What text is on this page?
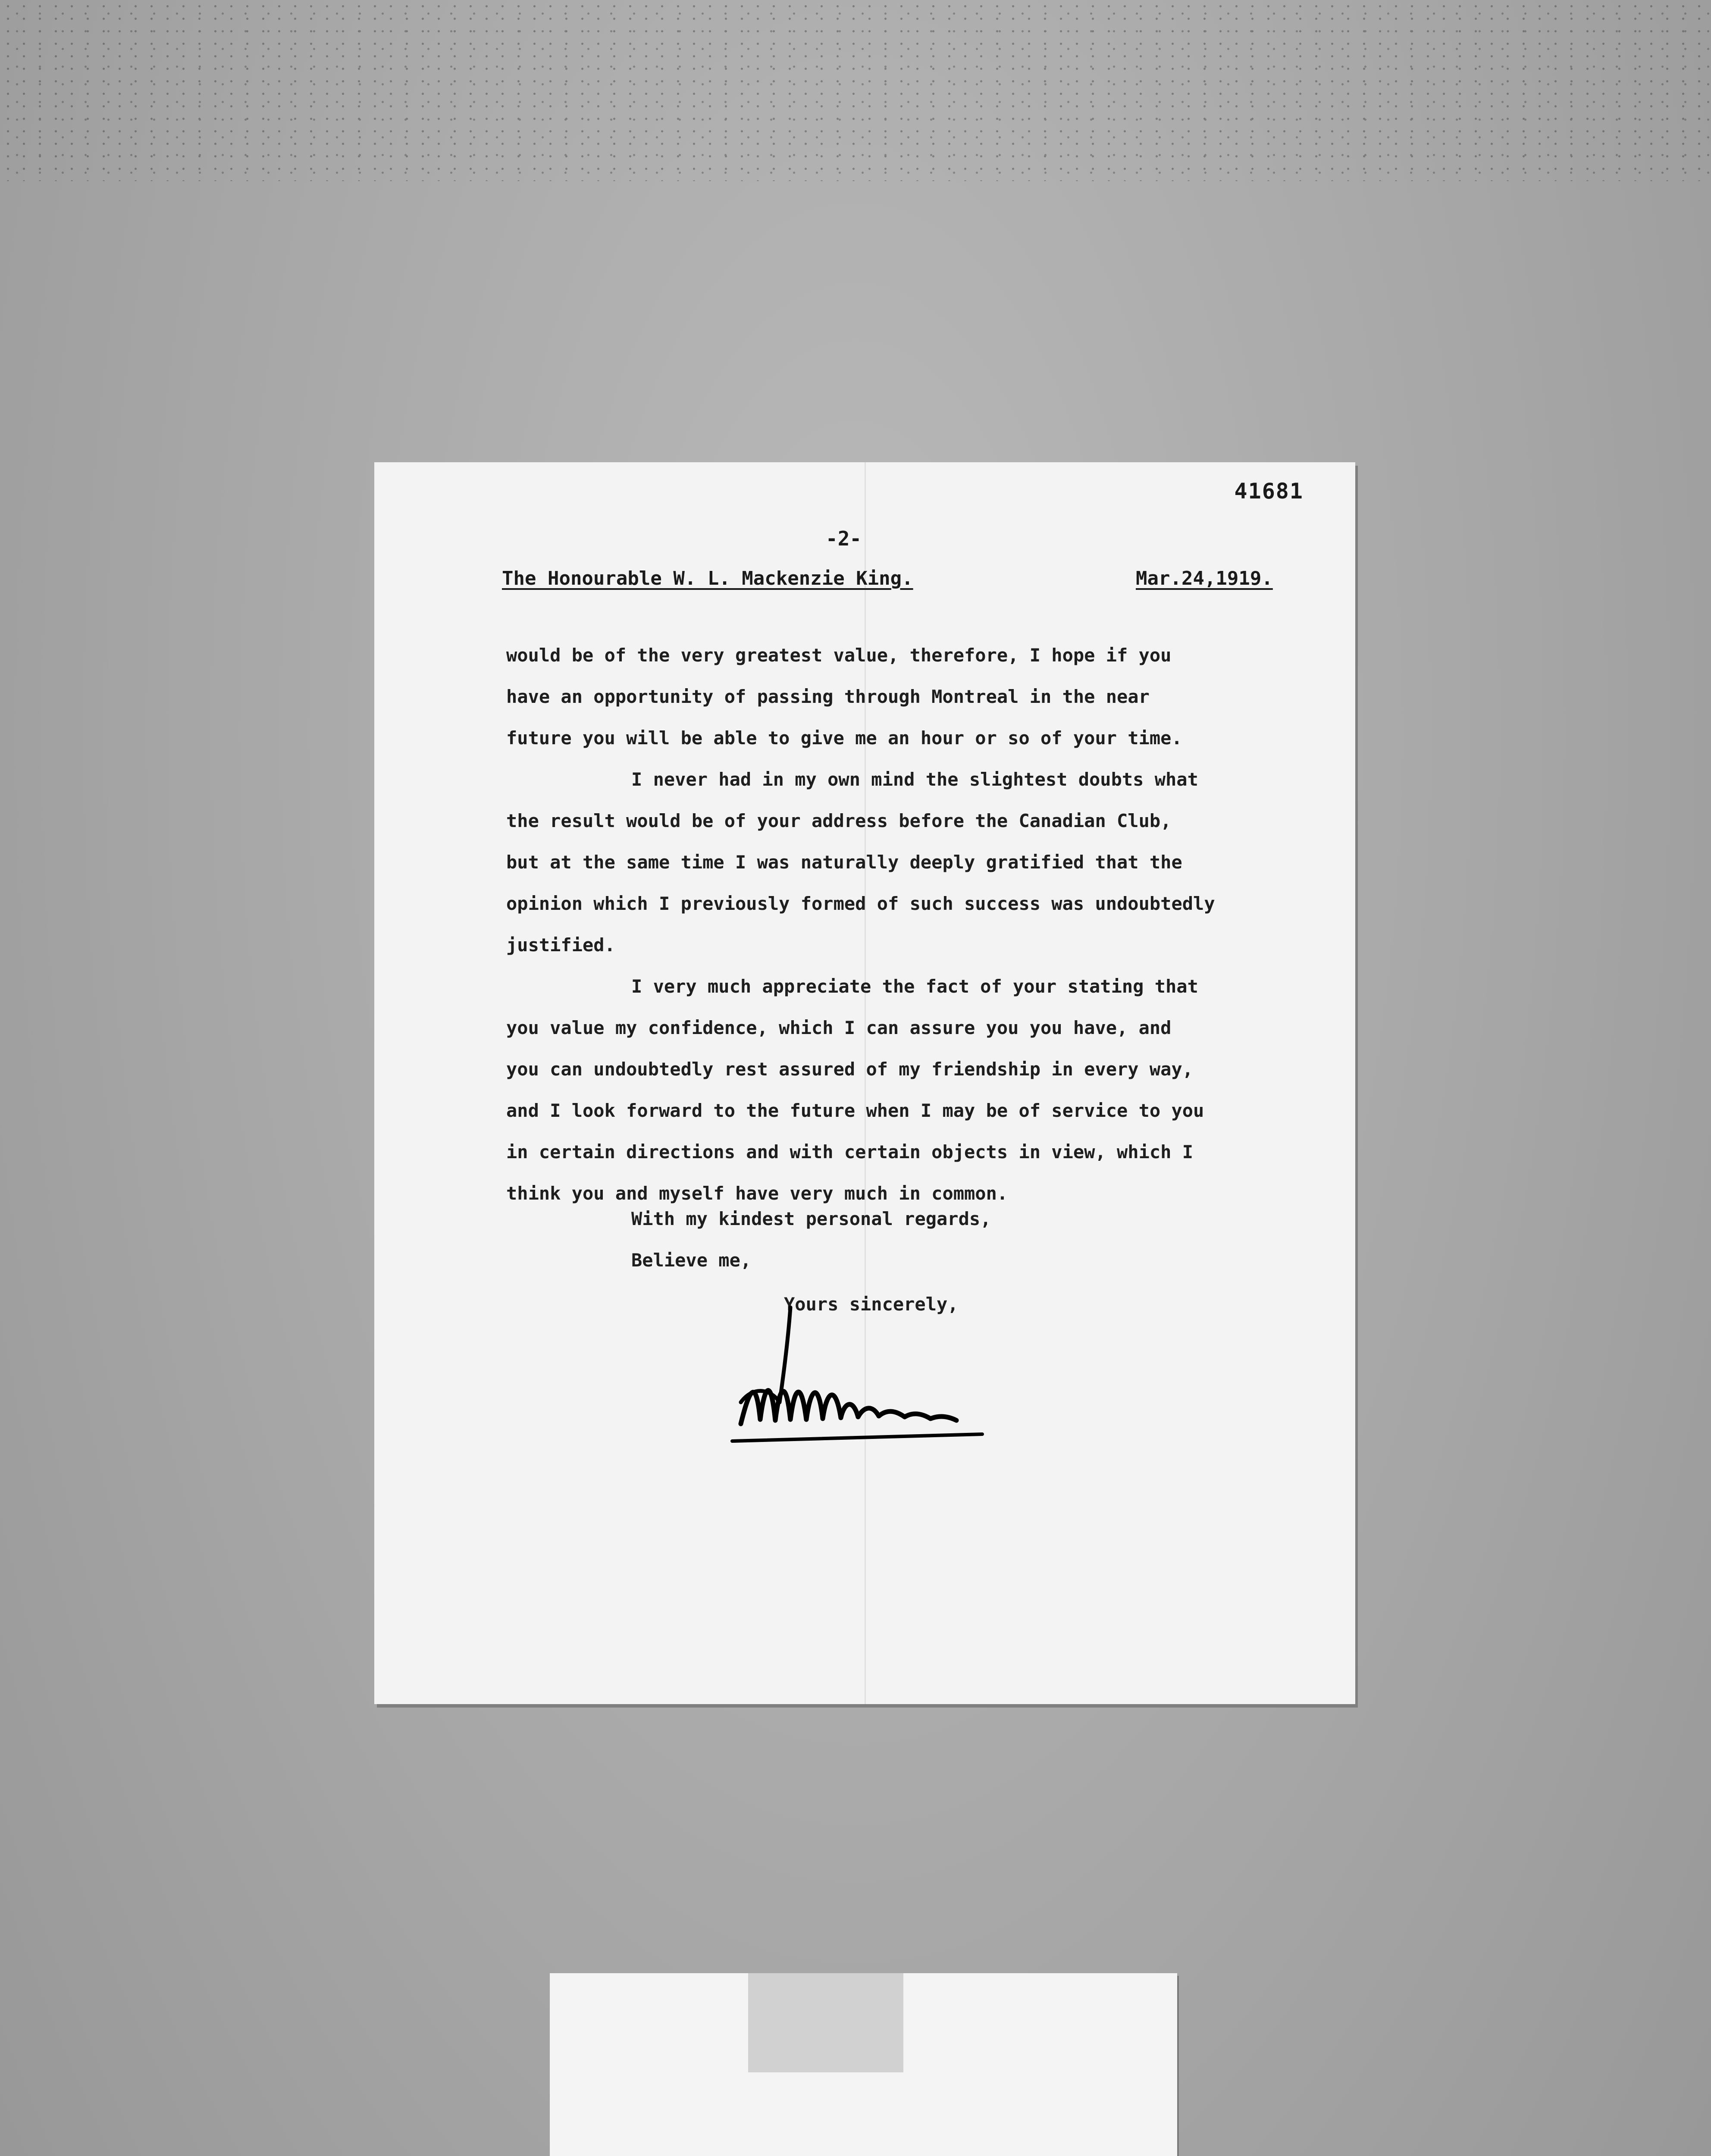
41681
-2-
The Honourable W. L. Mackenzie King.	Mar.24,1919.
would be of the very greatest value, therefore, I hope if you
have an opportunity of passing through Montreal in the near
future you will be able to give me an hour or so of your time.
I never had in my own mind the slightest doubts what
the result would be of your address before the Canadian Club,
but at the same time I was naturally deeply gratified that the
opinion which I previously formed of such success was undoubtedly
justified.
I very much appreciate the fact of your stating that
you value my confidence, which I can assure you you have, and
you can undoubtedly rest assured of my friendship in every way,
and I look forward to the future when I may be of service to you
in certain directions and with certain objects in view, which I
think you and myself have very much in common.
With my kindest personal regards,
Believe me,
Yours sincerely,
